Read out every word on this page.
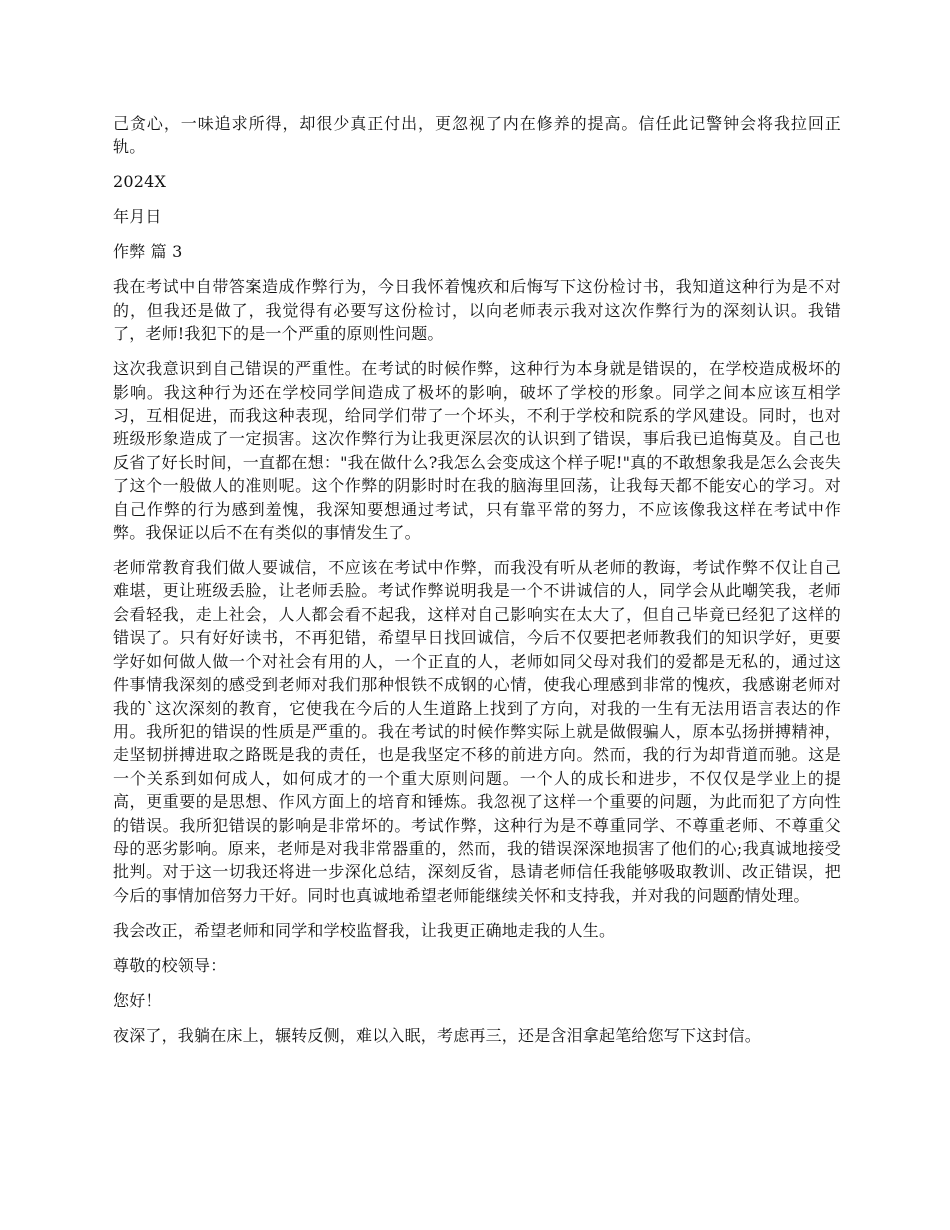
己贪心，一味追求所得，却很少真正付出，更忽视了内在修养的提高。信任此记警钟会将我拉回正轨。

2024X

年月日

作弊 篇 3

我在考试中自带答案造成作弊行为，今日我怀着愧疚和后悔写下这份检讨书，我知道这种行为是不对的，但我还是做了，我觉得有必要写这份检讨，以向老师表示我对这次作弊行为的深刻认识。我错了，老师!我犯下的是一个严重的原则性问题。

这次我意识到自己错误的严重性。在考试的时候作弊，这种行为本身就是错误的，在学校造成极坏的影响。我这种行为还在学校同学间造成了极坏的影响，破坏了学校的形象。同学之间本应该互相学习，互相促进，而我这种表现，给同学们带了一个坏头，不利于学校和院系的学风建设。同时，也对班级形象造成了一定损害。这次作弊行为让我更深层次的认识到了错误，事后我已追悔莫及。自己也反省了好长时间，一直都在想："我在做什么?我怎么会变成这个样子呢!"真的不敢想象我是怎么会丧失了这个一般做人的准则呢。这个作弊的阴影时时在我的脑海里回荡，让我每天都不能安心的学习。对自己作弊的行为感到羞愧，我深知要想通过考试，只有靠平常的努力，不应该像我这样在考试中作弊。我保证以后不在有类似的事情发生了。

老师常教育我们做人要诚信，不应该在考试中作弊，而我没有听从老师的教诲，考试作弊不仅让自己难堪，更让班级丢脸，让老师丢脸。考试作弊说明我是一个不讲诚信的人，同学会从此嘲笑我，老师会看轻我，走上社会，人人都会看不起我，这样对自己影响实在太大了，但自己毕竟已经犯了这样的错误了。只有好好读书，不再犯错，希望早日找回诚信，今后不仅要把老师教我们的知识学好，更要学好如何做人做一个对社会有用的人，一个正直的人，老师如同父母对我们的爱都是无私的，通过这件事情我深刻的感受到老师对我们那种恨铁不成钢的心情，使我心理感到非常的愧疚，我感谢老师对我的`这次深刻的教育，它使我在今后的人生道路上找到了方向，对我的一生有无法用语言表达的作用。我所犯的错误的性质是严重的。我在考试的时候作弊实际上就是做假骗人，原本弘扬拼搏精神，走坚韧拼搏进取之路既是我的责任，也是我坚定不移的前进方向。然而，我的行为却背道而驰。这是一个关系到如何成人，如何成才的一个重大原则问题。一个人的成长和进步，不仅仅是学业上的提高，更重要的是思想、作风方面上的培育和锤炼。我忽视了这样一个重要的问题，为此而犯了方向性的错误。我所犯错误的影响是非常坏的。考试作弊，这种行为是不尊重同学、不尊重老师、不尊重父母的恶劣影响。原来，老师是对我非常器重的，然而，我的错误深深地损害了他们的心;我真诚地接受批判。对于这一切我还将进一步深化总结，深刻反省，恳请老师信任我能够吸取教训、改正错误，把今后的事情加倍努力干好。同时也真诚地希望老师能继续关怀和支持我，并对我的问题酌情处理。

我会改正，希望老师和同学和学校监督我，让我更正确地走我的人生。

尊敬的校领导：

您好！

夜深了，我躺在床上，辗转反侧，难以入眠，考虑再三，还是含泪拿起笔给您写下这封信。
